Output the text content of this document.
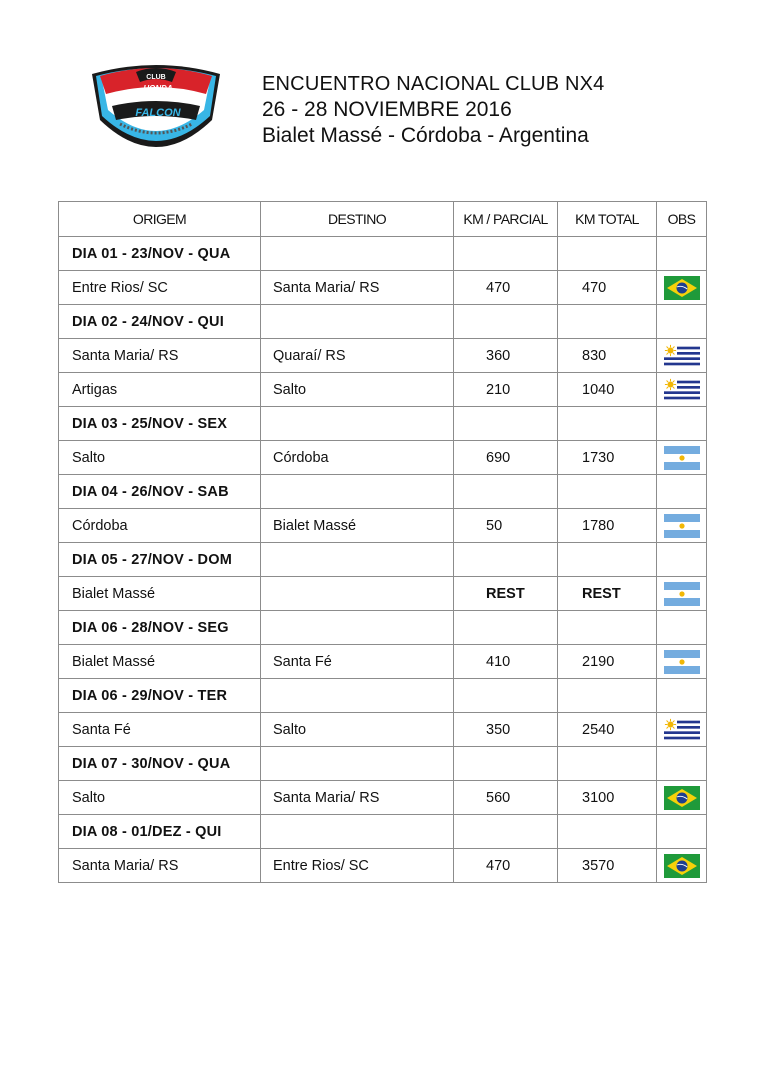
CLUB
HONDA
FALCON
ENCUENTRO NACIONAL CLUB NX4
26 - 28 NOVIEMBRE 2016
Bialet Massé - Córdoba - Argentina
ORIGEM	DESTINO	KM / PARCIAL	KM TOTAL	OBS
DIA 01 - 23/NOV - QUA				
Entre Rios/ SC	Santa Maria/ RS	470	470	
DIA 02 - 24/NOV - QUI				
Santa Maria/ RS	Quaraí/ RS	360	830	
Artigas	Salto	210	1040	
DIA 03 - 25/NOV - SEX				
Salto	Córdoba	690	1730	
DIA 04 - 26/NOV - SAB				
Córdoba	Bialet Massé	50	1780	
DIA 05 - 27/NOV - DOM				
Bialet Massé		REST	REST	
DIA 06 - 28/NOV - SEG				
Bialet Massé	Santa Fé	410	2190	
DIA 06 - 29/NOV - TER				
Santa Fé	Salto	350	2540	
DIA 07 - 30/NOV - QUA				
Salto	Santa Maria/ RS	560	3100	
DIA 08 - 01/DEZ - QUI				
Santa Maria/ RS	Entre Rios/ SC	470	3570	
